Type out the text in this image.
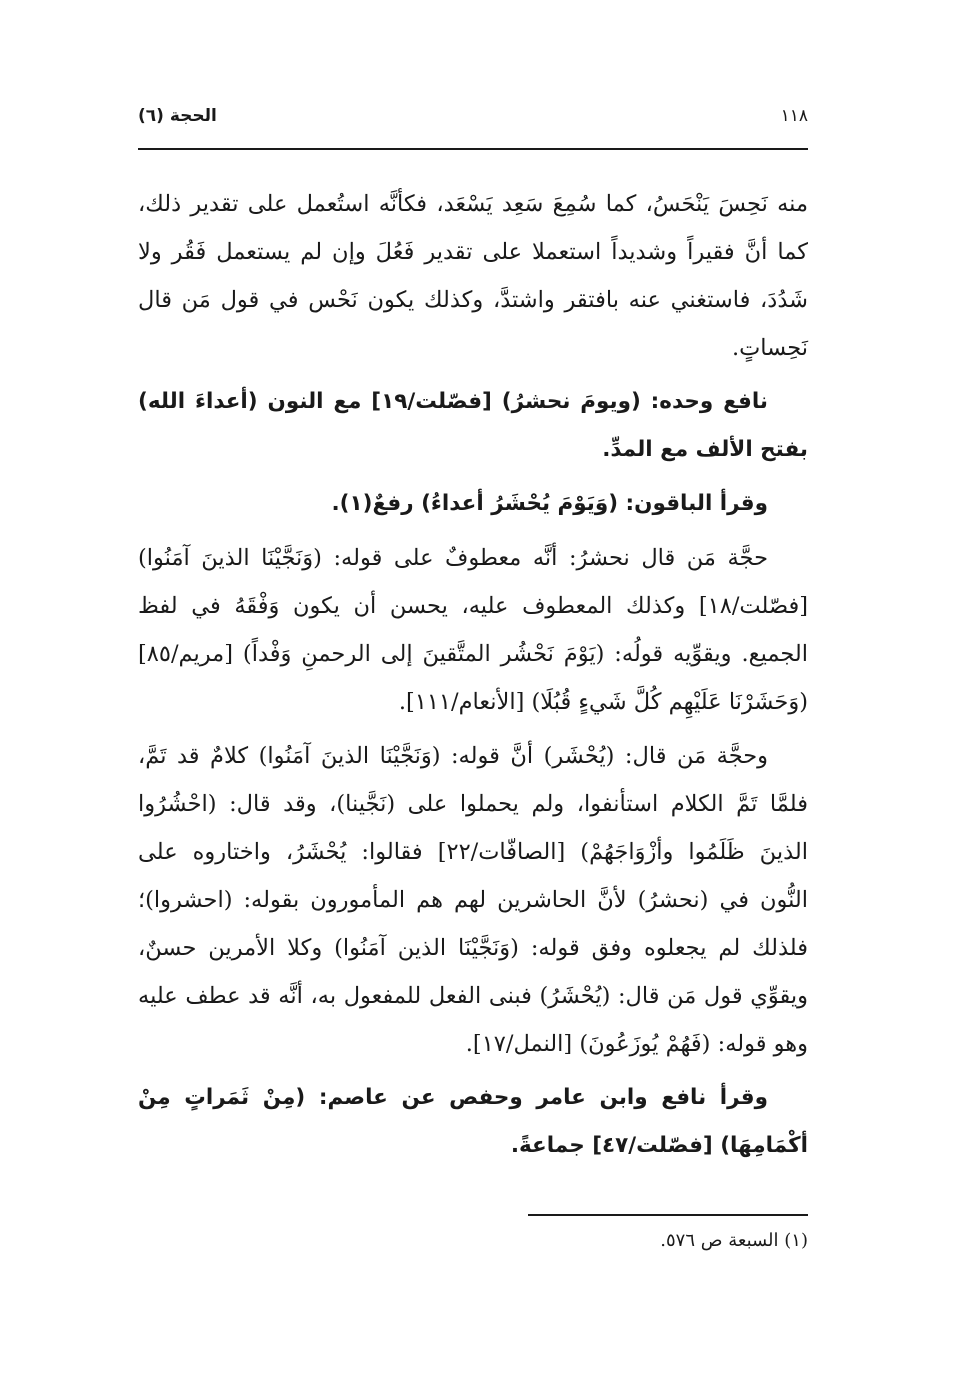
الحجة (٦)	١١٨

منه نَحِسَ يَنْحَسُ، كما سُمِعَ سَعِد يَسْعَد، فكأنَّه استُعمل على تقدير ذلك، كما أنَّ فقيراً وشديداً استعملا على تقدير فَعُلَ وإن لم يستعمل فَقُر ولا شَدُدَ، فاستغني عنه بافتقر واشتدَّ، وكذلك يكون نَحْس في قول مَن قال نَحِساتٍ.

نافع وحده: (ويومَ نحشرُ) [فصّلت/١٩] مع النون (أعداءَ الله) بفتح الألف مع المدِّ.

وقرأ الباقون: (وَيَوْمَ يُحْشَرُ أعداءُ) رفعٌ(١).

حجَّة مَن قال نحشرُ: أنَّه معطوفٌ على قوله: (وَنَجَّيْنَا الذينَ آمَنُوا) [فصّلت/١٨] وكذلك المعطوف عليه، يحسن أن يكون وَفْقَهُ في لفظ الجميع. ويقوِّيه قولُه: (يَوْمَ نَحْشُر المتَّقينَ إلى الرحمنِ وَفْداً) [مريم/٨٥] (وَحَشَرْنَا عَلَيْهِم كُلَّ شَيءٍ قُبُلَا) [الأنعام/١١١].

وحجَّة مَن قال: (يُحْشَر) أنَّ قوله: (وَنَجَّيْنَا الذينَ آمَنُوا) كلامٌ قد تَمَّ، فلمَّا تَمَّ الكلام استأنفوا، ولم يحملوا على (نَجَّينا)، وقد قال: (احْشُرُوا الذينَ ظَلَمُوا وأزْوَاجَهُمْ) [الصافّات/٢٢] فقالوا: يُحْشَرُ، واختاروه على النُّون في (نحشرُ) لأنَّ الحاشرين لهم هم المأمورون بقوله: (احشروا)؛ فلذلك لم يجعلوه وفق قوله: (وَنَجَّيْنَا الذين آمَنُوا) وكلا الأمرين حسنٌ، ويقوِّي قول مَن قال: (يُحْشَرُ) فبنى الفعل للمفعول به، أنَّه قد عطف عليه وهو قوله: (فَهُمْ يُوزَعُونَ) [النمل/١٧].

وقرأ نافع وابن عامر وحفص عن عاصم: (مِنْ ثَمَراتٍ مِنْ أكْمَامِهَا) [فصّلت/٤٧] جماعةً.

(١) السبعة ص ٥٧٦.
